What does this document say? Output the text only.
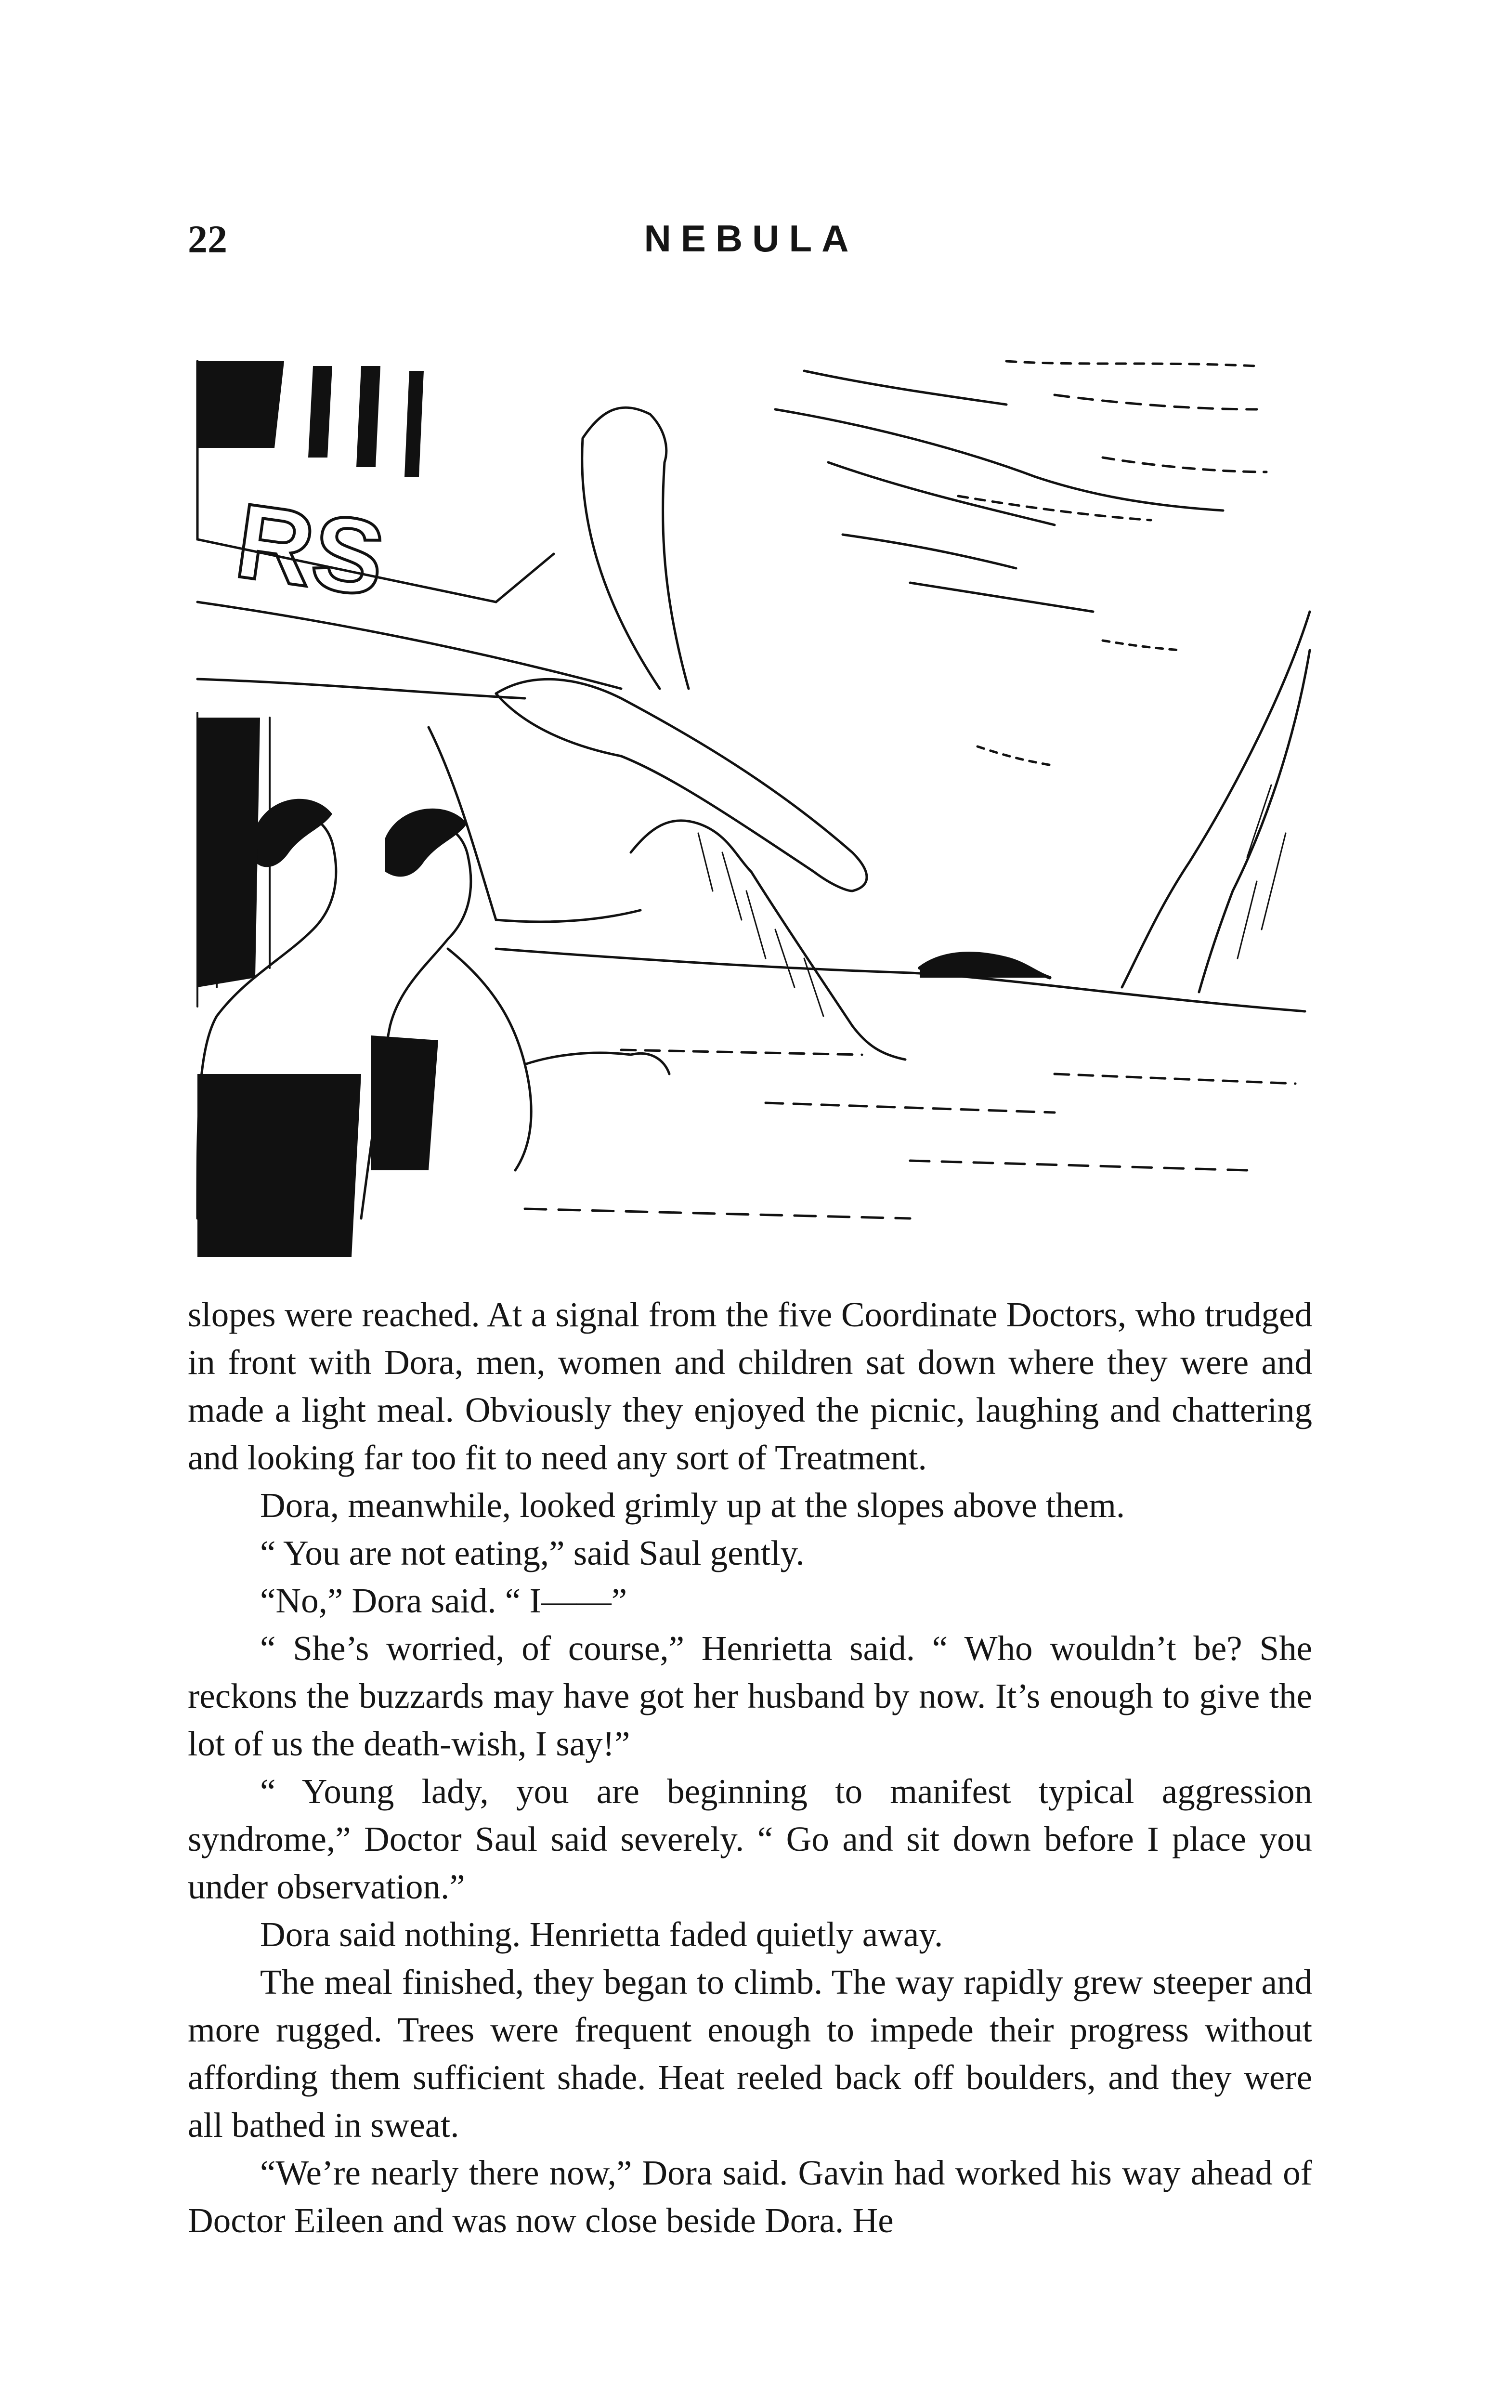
22	NEBULA
RS

slopes were reached. At a signal from the five Coordinate Doctors, who trudged in front with Dora, men, women and children sat down where they were and made a light meal. Obviously they enjoyed the picnic, laughing and chattering and looking far too fit to need any sort of Treatment.

Dora, meanwhile, looked grimly up at the slopes above them.

“ You are not eating,” said Saul gently.

“No,” Dora said. “ I——”

“ She’s worried, of course,” Henrietta said. “ Who wouldn’t be? She reckons the buzzards may have got her husband by now. It’s enough to give the lot of us the death-wish, I say!”

“ Young lady, you are beginning to manifest typical aggression syndrome,” Doctor Saul said severely. “ Go and sit down before I place you under observation.”

Dora said nothing. Henrietta faded quietly away.

The meal finished, they began to climb. The way rapidly grew steeper and more rugged. Trees were frequent enough to impede their progress without affording them sufficient shade. Heat reeled back off boulders, and they were all bathed in sweat.

“We’re nearly there now,” Dora said. Gavin had worked his way ahead of Doctor Eileen and was now close beside Dora. He
